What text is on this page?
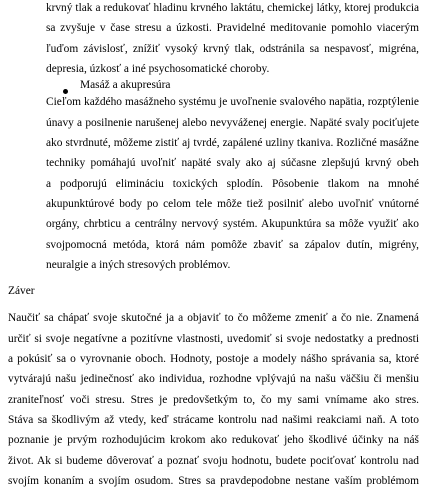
krvný tlak a redukovať hladinu krvného laktátu, chemickej látky, ktorej produkcia
sa zvyšuje v čase stresu a úzkosti. Pravidelné meditovanie pomohlo viacerým
ľuďom závislosť, znížiť vysoký krvný tlak, odstránila sa nespavosť, migréna,
depresia, úzkosť a iné psychosomatické choroby.
Masáž a akupresúra
Cieľom každého masážneho systému je uvoľnenie svalového napätia, rozptýlenie
únavy a posilnenie narušenej alebo nevyváženej energie. Napäté svaly pociťujete
ako stvrdnuté, môžeme zistiť aj tvrdé, zapálené uzliny tkaniva. Rozličné masážne
techniky pomáhajú uvoľniť napäté svaly ako aj súčasne zlepšujú krvný obeh
a podporujú elimináciu toxických splodín. Pôsobenie tlakom na mnohé
akupunktúrové body po celom tele môže tiež posilniť alebo uvoľniť vnútorné
orgány, chrbticu a centrálny nervový systém. Akupunktúra sa môže využiť ako
svojpomocná metóda, ktorá nám pomôže zbaviť sa zápalov dutín, migrény,
neuralgie a iných stresových problémov.
Záver
Naučiť sa chápať svoje skutočné ja a objaviť to čo môžeme zmeniť a čo nie. Znamená
určiť si svoje negatívne a pozitívne vlastnosti, uvedomiť si svoje nedostatky a prednosti
a pokúsiť sa o vyrovnanie oboch. Hodnoty, postoje a modely nášho správania sa, ktoré
vytvárajú našu jedinečnosť ako individua, rozhodne vplývajú na našu väčšiu či menšiu
zraniteľnosť voči stresu. Stres je predovšetkým to, čo my sami vnímame ako stres.
Stáva sa škodlivým až vtedy, keď strácame kontrolu nad našimi reakciami naň. A toto
poznanie je prvým rozhodujúcim krokom ako redukovať jeho škodlivé účinky na náš
život. Ak si budeme dôverovať a poznať svoju hodnotu, budete pociťovať kontrolu nad
svojím konaním a svojím osudom. Stres sa pravdepodobne nestane vaším problémom
